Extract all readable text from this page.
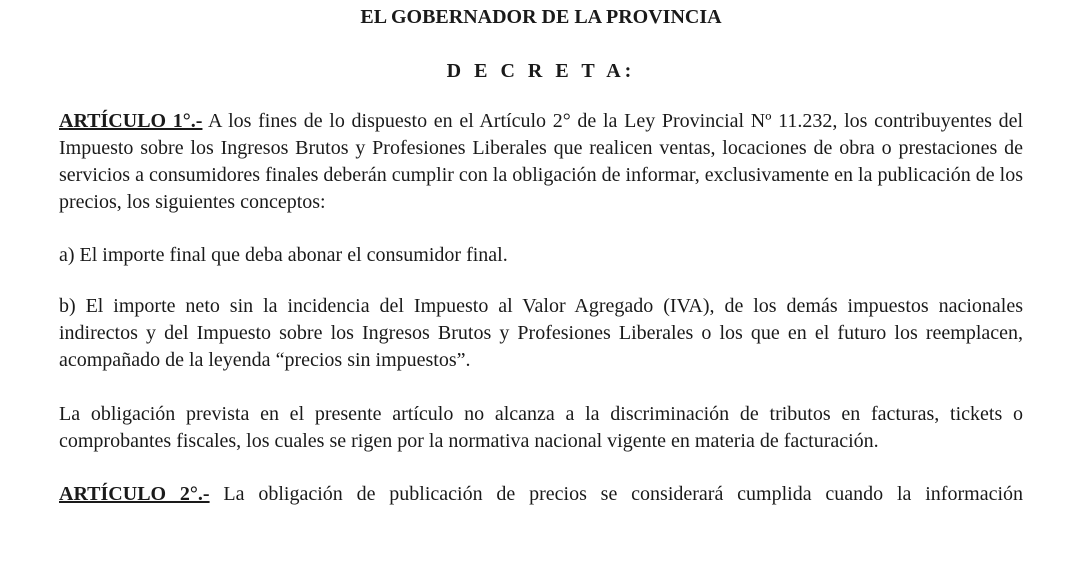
EL GOBERNADOR DE LA PROVINCIA
D E C R E T A:

ARTÍCULO 1°.- A los fines de lo dispuesto en el Artículo 2° de la Ley Provincial Nº 11.232, los contribuyentes del Impuesto sobre los Ingresos Brutos y Profesiones Liberales que realicen ventas, locaciones de obra o prestaciones de servicios a consumidores finales deberán cumplir con la obligación de informar, exclusivamente en la publicación de los precios, los siguientes conceptos:

a) El importe final que deba abonar el consumidor final.

b) El importe neto sin la incidencia del Impuesto al Valor Agregado (IVA), de los demás impuestos nacionales indirectos y del Impuesto sobre los Ingresos Brutos y Profesiones Liberales o los que en el futuro los reemplacen, acompañado de la leyenda “precios sin impuestos”.

La obligación prevista en el presente artículo no alcanza a la discriminación de tributos en facturas, tickets o comprobantes fiscales, los cuales se rigen por la normativa nacional vigente en materia de facturación.

ARTÍCULO 2°.- La obligación de publicación de precios se considerará cumplida cuando la información
